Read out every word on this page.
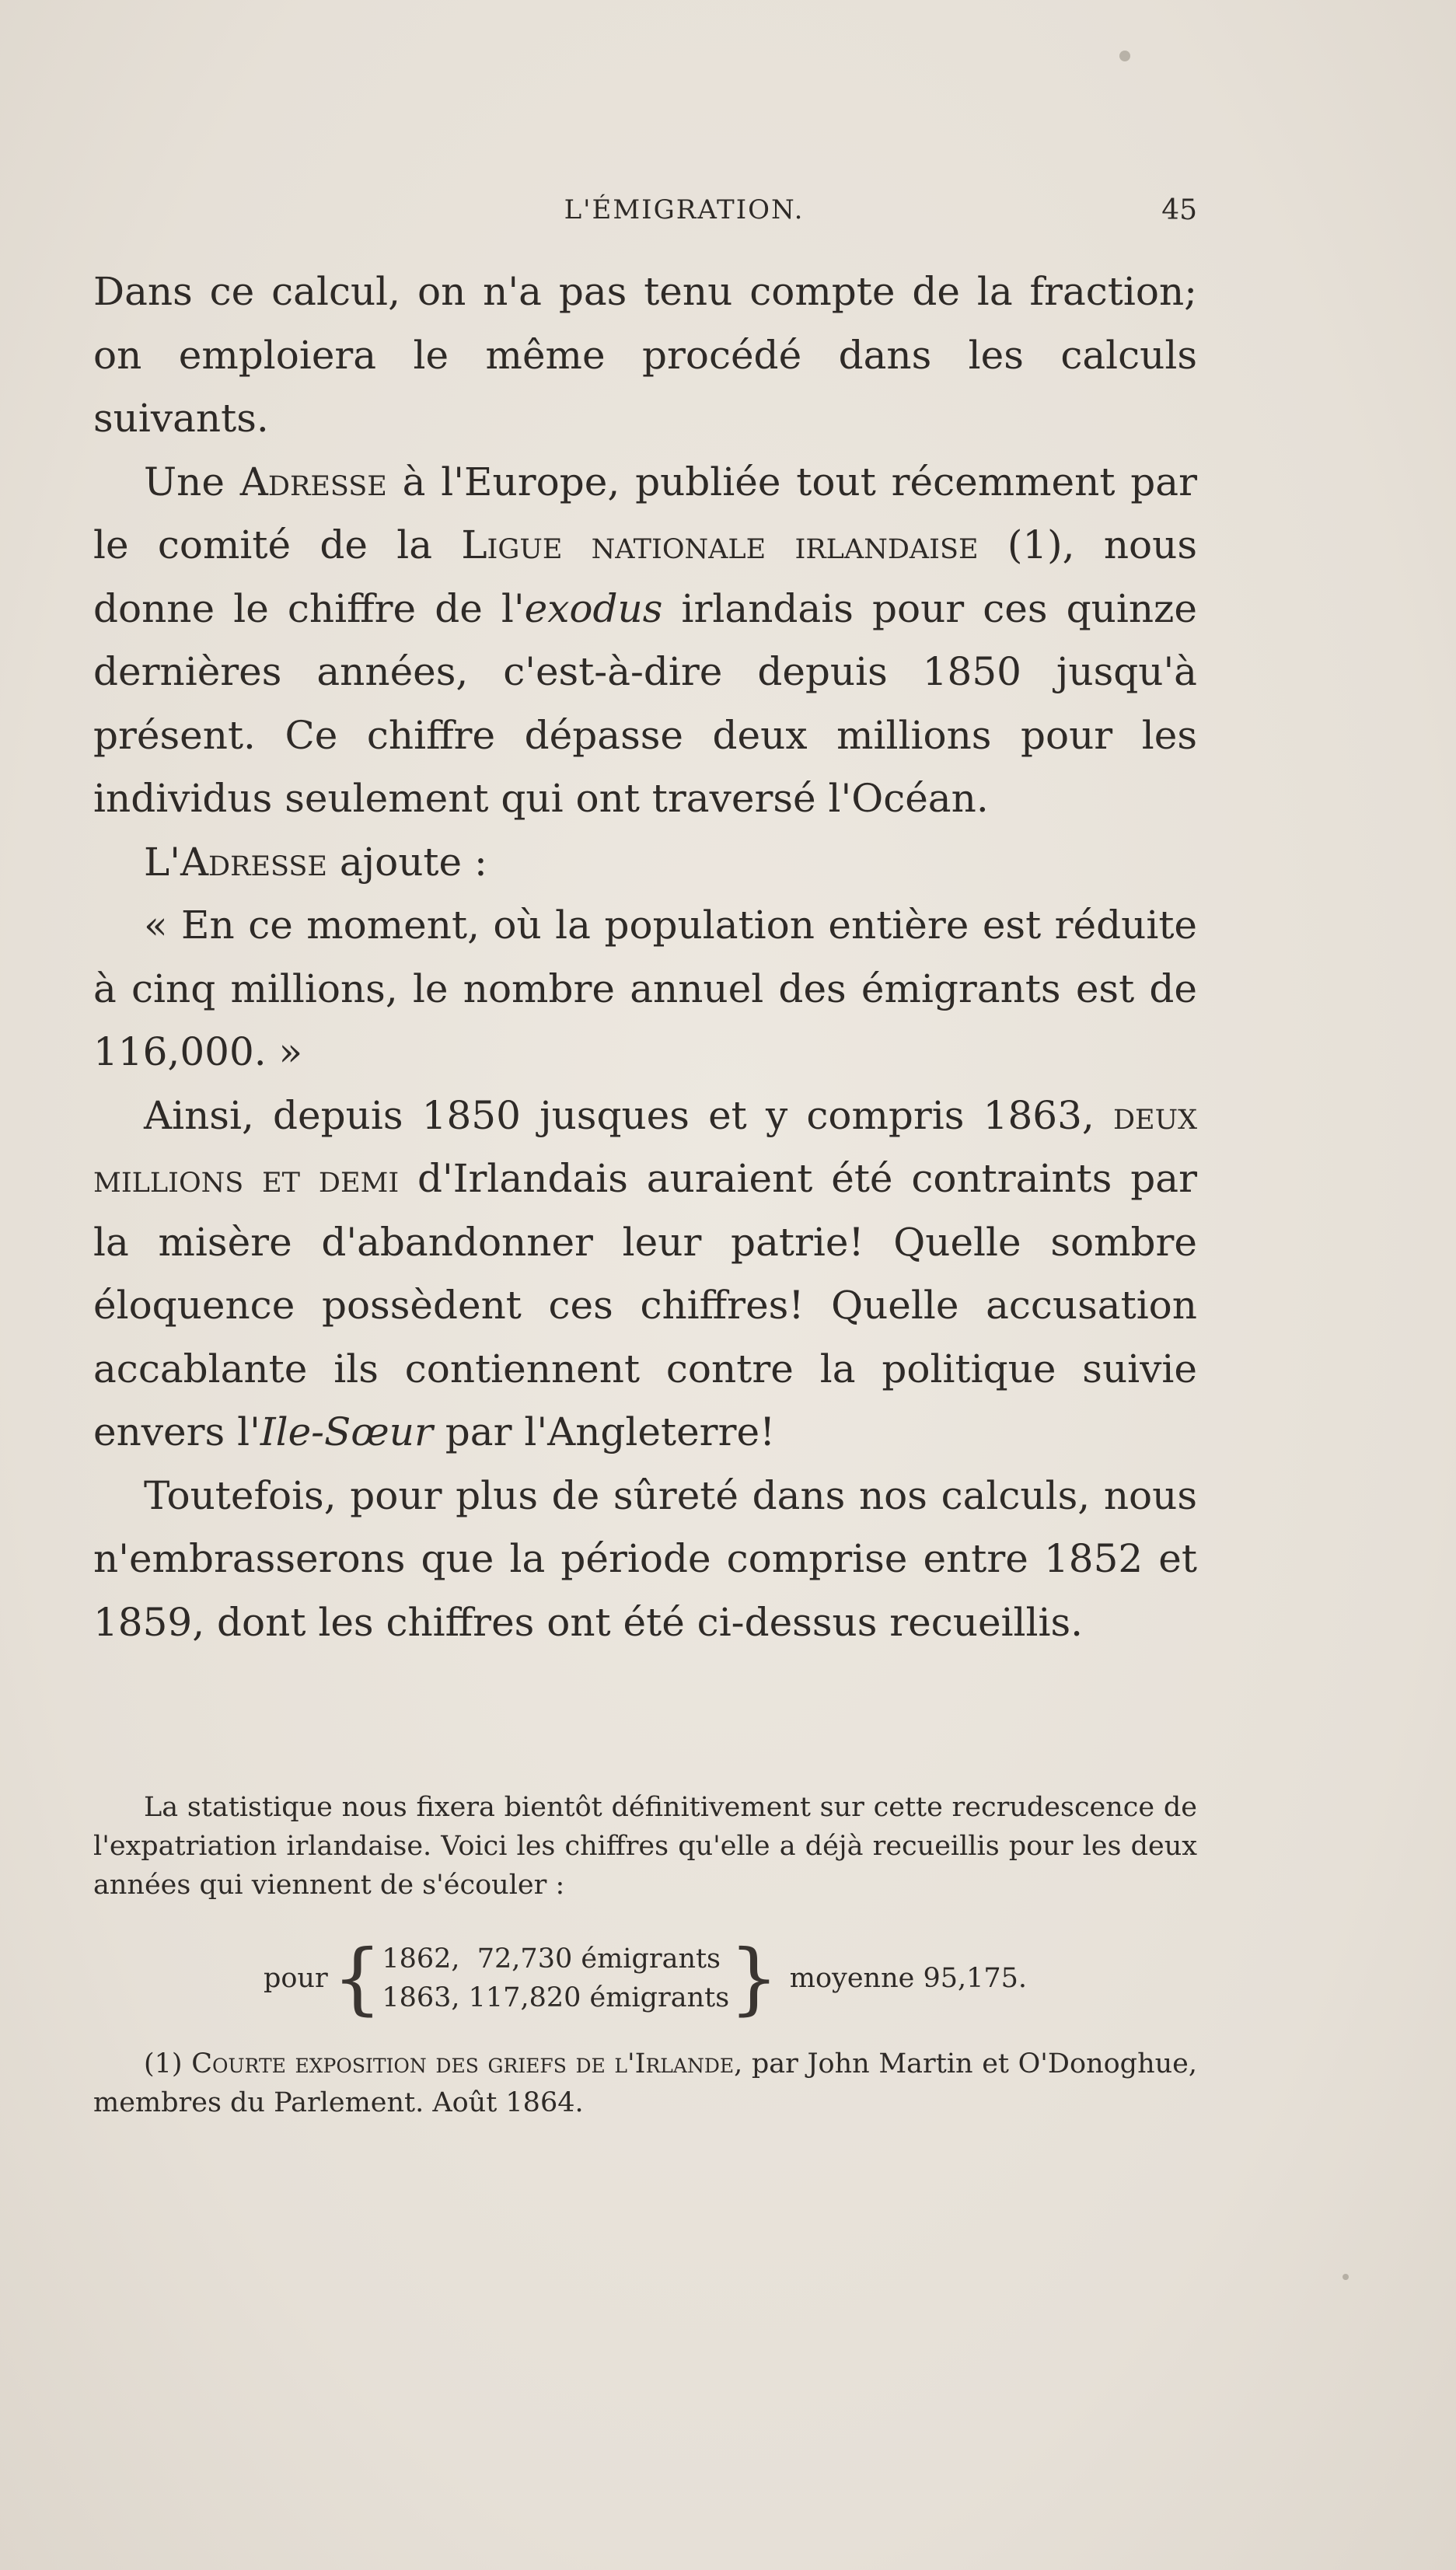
L'ÉMIGRATION.	45

Dans ce calcul, on n'a pas tenu compte de la fraction; on emploiera le même procédé dans les calculs suivants.

Une Adresse à l'Europe, publiée tout récemment par le comité de la Ligue nationale irlandaise (1), nous donne le chiffre de l'exodus irlandais pour ces quinze dernières années, c'est-à-dire depuis 1850 jusqu'à présent. Ce chiffre dépasse deux millions pour les individus seulement qui ont traversé l'Océan.

L'Adresse ajoute :

« En ce moment, où la population entière est réduite à cinq millions, le nombre annuel des émigrants est de 116,000. »

Ainsi, depuis 1850 jusques et y compris 1863, deux millions et demi d'Irlandais auraient été contraints par la misère d'abandonner leur patrie! Quelle sombre éloquence possèdent ces chiffres! Quelle accusation accablante ils contiennent contre la politique suivie envers l'Ile-Sœur par l'Angleterre!

Toutefois, pour plus de sûreté dans nos calculs, nous n'embrasserons que la période comprise entre 1852 et 1859, dont les chiffres ont été ci-dessus recueillis.

La statistique nous fixera bientôt définitivement sur cette recrudescence de l'expatriation irlandaise. Voici les chiffres qu'elle a déjà recueillis pour les deux années qui viennent de s'écouler :

pour { 1862,  72,730 émigrants
1863, 117,820 émigrants } moyenne 95,175.

(1) Courte exposition des griefs de l'Irlande, par John Martin et O'Donoghue, membres du Parlement. Août 1864.
